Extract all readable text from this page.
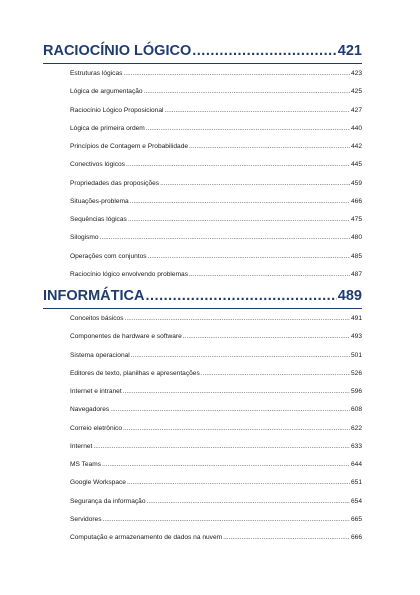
RACIOCÍNIO LÓGICO .....	421
Estruturas lógicas .....	423
Lógica de argumentação .....	425
Raciocínio Lógico Proposicional .....	427
Lógica de primeira ordem .....	440
Princípios de Contagem e Probabilidade .....	442
Conectivos lógicos .....	445
Propriedades das proposições .....	459
Situações-problema .....	466
Sequências lógicas .....	475
Silogismo .....	480
Operações com conjuntos .....	485
Raciocínio lógico envolvendo problemas .....	487
INFORMÁTICA .....	489
Conceitos básicos .....	491
Componentes de hardware e software .....	493
Sistema operacional .....	501
Editores de texto, planilhas e apresentações .....	526
Internet e intranet .....	596
Navegadores .....	608
Correio eletrônico .....	622
Internet .....	633
MS Teams .....	644
Google Workspace .....	651
Segurança da informação .....	654
Servidores .....	665
Computação e armazenamento de dados na nuvem .....	666
